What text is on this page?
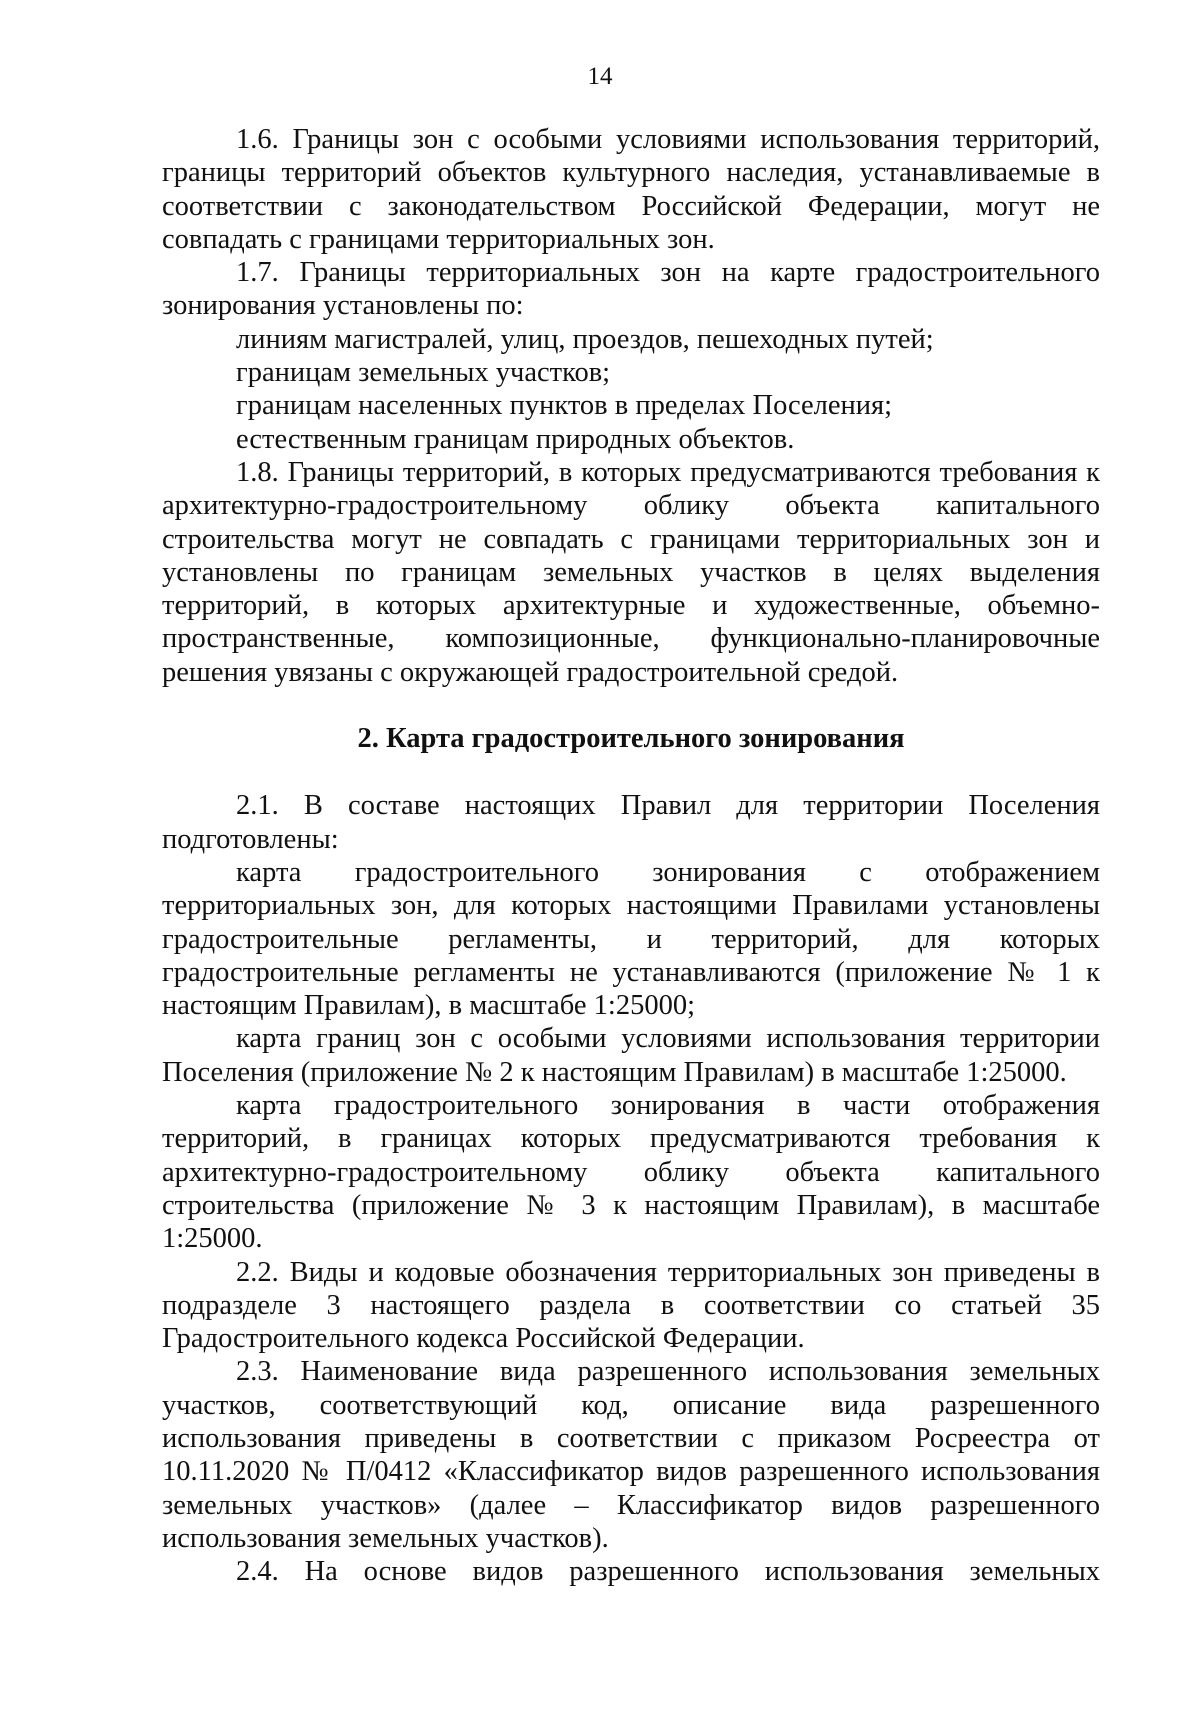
14

1.6. Границы зон с особыми условиями использования территорий, границы территорий объектов культурного наследия, устанавливаемые в соответствии с законодательством Российской Федерации, могут не совпадать с границами территориальных зон.

1.7. Границы территориальных зон на карте градостроительного зонирования установлены по:

линиям магистралей, улиц, проездов, пешеходных путей;

границам земельных участков;

границам населенных пунктов в пределах Поселения;

естественным границам природных объектов.

1.8. Границы территорий, в которых предусматриваются требования к архитектурно-градостроительному облику объекта капитального строительства могут не совпадать с границами территориальных зон и установлены по границам земельных участков в целях выделения территорий, в которых архитектурные и художественные, объемно-пространственные, композиционные, функционально-планировочные решения увязаны с окружающей градостроительной средой.

2. Карта градостроительного зонирования

2.1. В составе настоящих Правил для территории Поселения подготовлены:

карта градостроительного зонирования с отображением территориальных зон, для которых настоящими Правилами установлены градостроительные регламенты, и территорий, для которых градостроительные регламенты не устанавливаются (приложение № 1 к настоящим Правилам), в масштабе 1:25000;

карта границ зон с особыми условиями использования территории Поселения (приложение № 2 к настоящим Правилам) в масштабе 1:25000.

карта градостроительного зонирования в части отображения территорий, в границах которых предусматриваются требования к архитектурно-градостроительному облику объекта капитального строительства (приложение № 3 к настоящим Правилам), в масштабе 1:25000.

2.2. Виды и кодовые обозначения территориальных зон приведены в подразделе 3 настоящего раздела в соответствии со статьей 35 Градостроительного кодекса Российской Федерации.

2.3. Наименование вида разрешенного использования земельных участков, соответствующий код, описание вида разрешенного использования приведены в соответствии с приказом Росреестра от 10.11.2020 № П/0412 «Классификатор видов разрешенного использования земельных участков» (далее – Классификатор видов разрешенного использования земельных участков).

2.4. На основе видов разрешенного использования земельных
